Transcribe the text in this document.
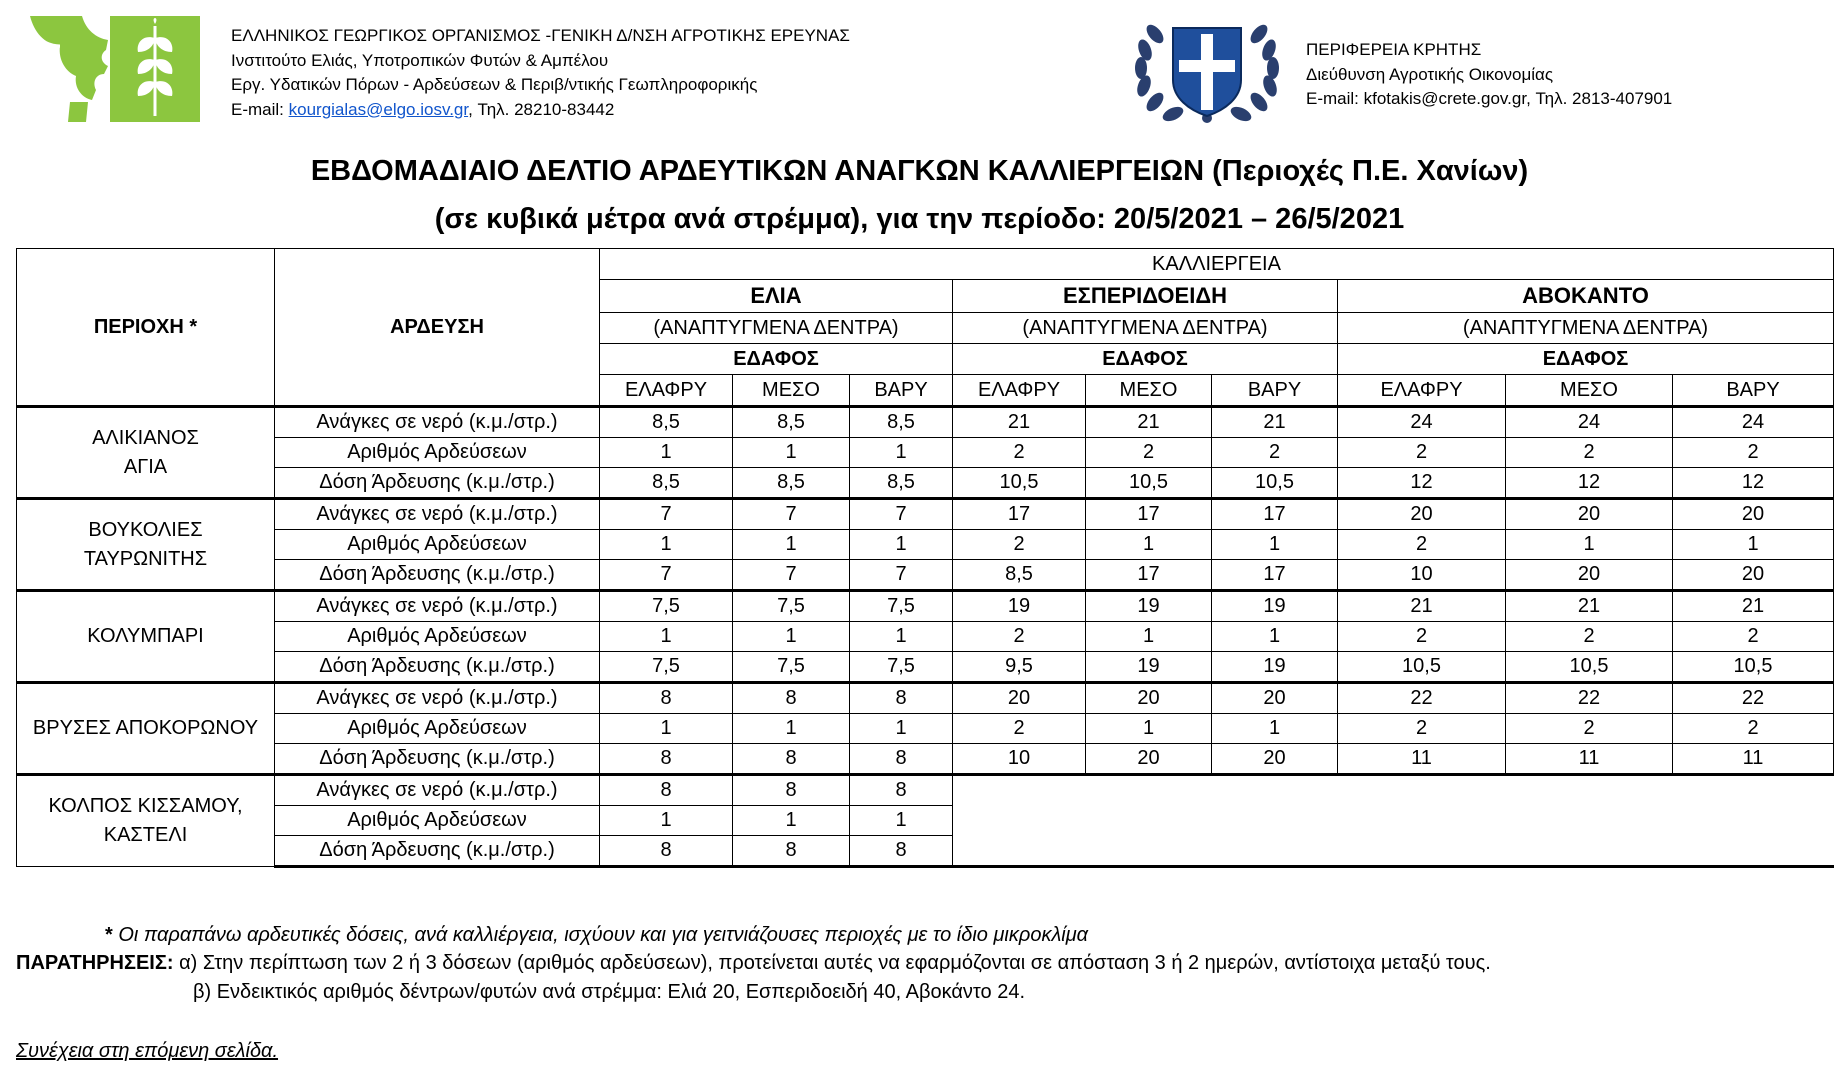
ΕΛΛΗΝΙΚΟΣ ΓΕΩΡΓΙΚΟΣ ΟΡΓΑΝΙΣΜΟΣ -ΓΕΝΙΚΗ Δ/ΝΣΗ ΑΓΡΟΤΙΚΗΣ ΕΡΕΥΝΑΣ
Ινστιτούτο Ελιάς, Υποτροπικών Φυτών & Αμπέλου
Εργ. Υδατικών Πόρων - Αρδεύσεων & Περιβ/ντικής Γεωπληροφορικής
E-mail: kourgialas@elgo.iosv.gr, Τηλ. 28210-83442
ΠΕΡΙΦΕΡΕΙΑ ΚΡΗΤΗΣ
Διεύθυνση Αγροτικής Οικονομίας
E-mail: kfotakis@crete.gov.gr, Τηλ. 2813-407901
ΕΒΔΟΜΑΔΙΑΙΟ ΔΕΛΤΙΟ ΑΡΔΕΥΤΙΚΩΝ ΑΝΑΓΚΩΝ ΚΑΛΛΙΕΡΓΕΙΩΝ (Περιοχές Π.Ε. Χανίων)
(σε κυβικά μέτρα ανά στρέμμα), για την περίοδο: 20/5/2021 – 26/5/2021
ΠΕΡΙΟΧΗ *	ΑΡΔΕΥΣΗ	ΚΑΛΛΙΕΡΓΕΙΑ								
		ΕΛΙΑ			ΕΣΠΕΡΙΔΟΕΙΔΗ			ΑΒΟΚΑΝΤΟ		
		(ΑΝΑΠΤΥΓΜΕΝΑ ΔΕΝΤΡΑ)			(ΑΝΑΠΤΥΓΜΕΝΑ ΔΕΝΤΡΑ)			(ΑΝΑΠΤΥΓΜΕΝΑ ΔΕΝΤΡΑ)		
		ΕΔΑΦΟΣ			ΕΔΑΦΟΣ			ΕΔΑΦΟΣ		
		ΕΛΑΦΡΥ	ΜΕΣΟ	ΒΑΡΥ	ΕΛΑΦΡΥ	ΜΕΣΟ	ΒΑΡΥ	ΕΛΑΦΡΥ	ΜΕΣΟ	ΒΑΡΥ

ΑΛΙΚΙΑΝΟΣ
ΑΓΙΑ	Ανάγκες σε νερό (κ.μ./στρ.)	8,5	8,5	8,5	21	21	21	24	24	24
	Αριθμός Αρδεύσεων	1	1	1	2	2	2	2	2	2
	Δόση Άρδευσης (κ.μ./στρ.)	8,5	8,5	8,5	10,5	10,5	10,5	12	12	12

ΒΟΥΚΟΛΙΕΣ
ΤΑΥΡΩΝΙΤΗΣ	Ανάγκες σε νερό (κ.μ./στρ.)	7	7	7	17	17	17	20	20	20
	Αριθμός Αρδεύσεων	1	1	1	2	1	1	2	1	1
	Δόση Άρδευσης (κ.μ./στρ.)	7	7	7	8,5	17	17	10	20	20

ΚΟΛΥΜΠΑΡΙ	Ανάγκες σε νερό (κ.μ./στρ.)	7,5	7,5	7,5	19	19	19	21	21	21
	Αριθμός Αρδεύσεων	1	1	1	2	1	1	2	2	2
	Δόση Άρδευσης (κ.μ./στρ.)	7,5	7,5	7,5	9,5	19	19	10,5	10,5	10,5

ΒΡΥΣΕΣ ΑΠΟΚΟΡΩΝΟΥ	Ανάγκες σε νερό (κ.μ./στρ.)	8	8	8	20	20	20	22	22	22
	Αριθμός Αρδεύσεων	1	1	1	2	1	1	2	2	2
	Δόση Άρδευσης (κ.μ./στρ.)	8	8	8	10	20	20	11	11	11

ΚΟΛΠΟΣ ΚΙΣΣΑΜΟΥ,
ΚΑΣΤΕΛΙ	Ανάγκες σε νερό (κ.μ./στρ.)	8	8	8						
	Αριθμός Αρδεύσεων	1	1	1						
	Δόση Άρδευσης (κ.μ./στρ.)	8	8	8						
* Οι παραπάνω αρδευτικές δόσεις, ανά καλλιέργεια, ισχύουν και για γειτνιάζουσες περιοχές με το ίδιο μικροκλίμα
ΠΑΡΑΤΗΡΗΣΕΙΣ: α) Στην περίπτωση των 2 ή 3 δόσεων (αριθμός αρδεύσεων), προτείνεται αυτές να εφαρμόζονται σε απόσταση 3 ή 2 ημερών, αντίστοιχα μεταξύ τους.
β) Ενδεικτικός αριθμός δέντρων/φυτών ανά στρέμμα: Ελιά 20, Εσπεριδοειδή 40, Αβοκάντο 24.
Συνέχεια στη επόμενη σελίδα.
